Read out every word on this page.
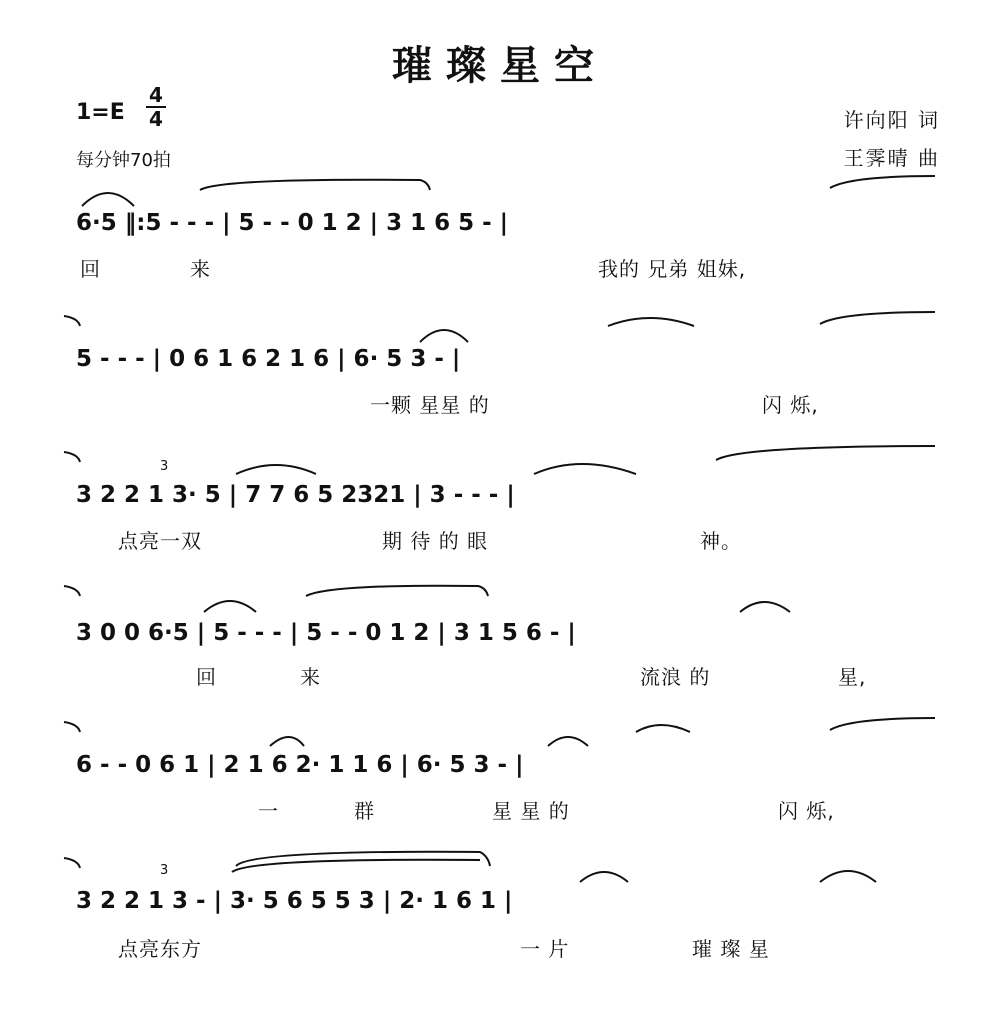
璀璨星空
1=E
4
4
每分钟70拍
许向阳 词
王霁晴 曲
6·5 ‖:5 - - - | 5 - - 0 1 2 | 3 1 6 5 - |
5 - - - | 0 6 1 6 2 1 6 | 6· 5 3 - |
3 2 2 1 3· 5 | 7 7 6 5 2321 | 3 - - - |
3 0 0 6·5 | 5 - - - | 5 - - 0 1 2 | 3 1 5 6 - |
6 - - 0 6 1 | 2 1 6 2· 1 1 6 | 6· 5 3 - |
3 2 2 1 3 - | 3· 5 6 5 5 3 | 2· 1 6 1 |
回	来	我的 兄弟 姐妹,
一颗 星星 的	闪 烁,
点亮一双	期 待 的 眼	神。
回	来	流浪 的	星,
一	群	星 星 的	闪 烁,
点亮东方	一 片	璀 璨 星
3
3
